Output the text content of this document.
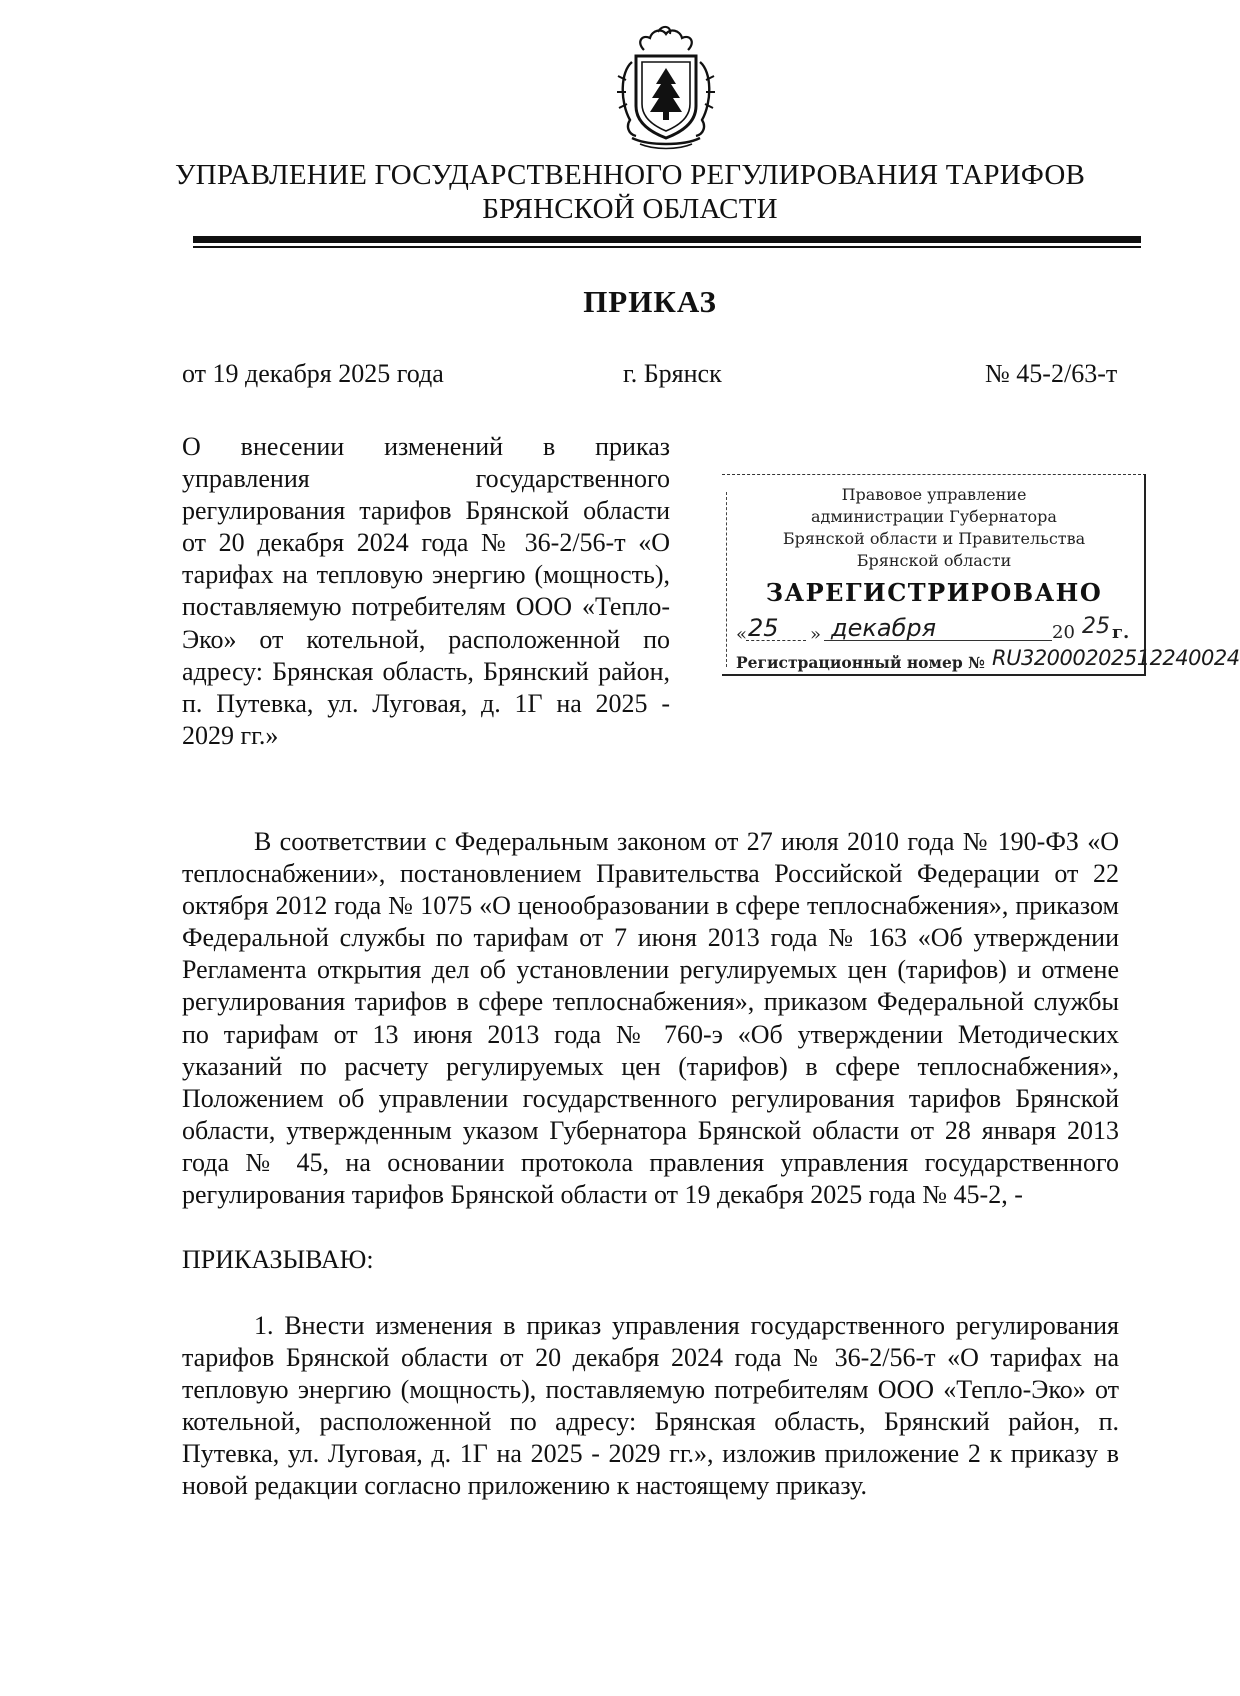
УПРАВЛЕНИЕ ГОСУДАРСТВЕННОГО РЕГУЛИРОВАНИЯ ТАРИФОВ
БРЯНСКОЙ ОБЛАСТИ
ПРИКАЗ
от 19 декабря 2025 года	г. Брянск	№ 45-2/63-т
О внесении изменений в приказ управления государственного регулирования тарифов Брянской области от 20 декабря 2024 года № 36-2/56-т «О тарифах на тепловую энергию (мощность), поставляемую потребителям ООО «Тепло-Эко» от котельной, расположенной по адресу: Брянская область, Брянский район, п. Путевка, ул. Луговая, д. 1Г на 2025 - 2029 гг.»
Правовое управление
администрации Губернатора
Брянской области и Правительства
Брянской области
ЗАРЕГИСТРИРОВАНО
« 25 » декабря	20 25 г.
Регистрационный номер № RU32000202512240024
В соответствии с Федеральным законом от 27 июля 2010 года № 190-ФЗ «О теплоснабжении», постановлением Правительства Российской Федерации от 22 октября 2012 года № 1075 «О ценообразовании в сфере теплоснабжения», приказом Федеральной службы по тарифам от 7 июня 2013 года № 163 «Об утверждении Регламента открытия дел об установлении регулируемых цен (тарифов) и отмене регулирования тарифов в сфере теплоснабжения», приказом Федеральной службы по тарифам от 13 июня 2013 года № 760-э «Об утверждении Методических указаний по расчету регулируемых цен (тарифов) в сфере теплоснабжения», Положением об управлении государственного регулирования тарифов Брянской области, утвержденным указом Губернатора Брянской области от 28 января 2013 года № 45, на основании протокола правления управления государственного регулирования тарифов Брянской области от 19 декабря 2025 года № 45-2, -
ПРИКАЗЫВАЮ:
1. Внести изменения в приказ управления государственного регулирования тарифов Брянской области от 20 декабря 2024 года № 36-2/56-т «О тарифах на тепловую энергию (мощность), поставляемую потребителям ООО «Тепло-Эко» от котельной, расположенной по адресу: Брянская область, Брянский район, п. Путевка, ул. Луговая, д. 1Г на 2025 - 2029 гг.», изложив приложение 2 к приказу в новой редакции согласно приложению к настоящему приказу.
